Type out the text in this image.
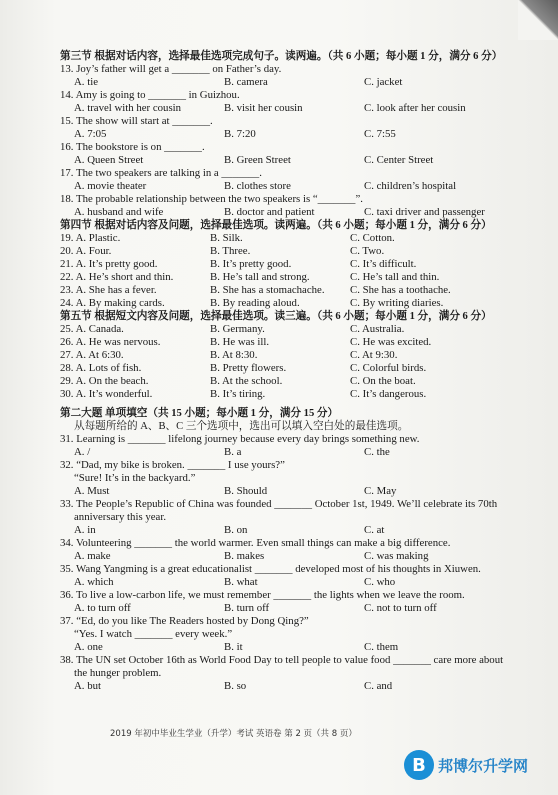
第三节 根据对话内容，选择最佳选项完成句子。读两遍。（共 6 小题；每小题 1 分，满分 6 分）

13. Joy’s father will get a _______ on Father’s day.

A. tie	B. camera	C. jacket

14. Amy is going to _______ in Guizhou.

A. travel with her cousin	B. visit her cousin	C. look after her cousin

15. The show will start at _______.

A. 7:05	B. 7:20	C. 7:55

16. The bookstore is on _______.

A. Queen Street	B. Green Street	C. Center Street

17. The two speakers are talking in a _______.

A. movie theater	B. clothes store	C. children’s hospital

18. The probable relationship between the two speakers is “_______”.

A. husband and wife	B. doctor and patient	C. taxi driver and passenger

第四节 根据对话内容及问题，选择最佳选项。读两遍。（共 6 小题；每小题 1 分，满分 6 分）

19. A. Plastic.	B. Silk.	C. Cotton.
20. A. Four.	B. Three.	C. Two.
21. A. It’s pretty good.	B. It’s pretty good.	C. It’s difficult.
22. A. He’s short and thin.	B. He’s tall and strong.	C. He’s tall and thin.
23. A. She has a fever.	B. She has a stomachache.	C. She has a toothache.
24. A. By making cards.	B. By reading aloud.	C. By writing diaries.

第五节 根据短文内容及问题，选择最佳选项。读三遍。（共 6 小题；每小题 1 分，满分 6 分）

25. A. Canada.	B. Germany.	C. Australia.
26. A. He was nervous.	B. He was ill.	C. He was excited.
27. A. At 6:30.	B. At 8:30.	C. At 9:30.
28. A. Lots of fish.	B. Pretty flowers.	C. Colorful birds.
29. A. On the beach.	B. At the school.	C. On the boat.
30. A. It’s wonderful.	B. It’s tiring.	C. It’s dangerous.

第二大题 单项填空（共 15 小题；每小题 1 分，满分 15 分）

从每题所给的 A、B、C 三个选项中，选出可以填入空白处的最佳选项。

31. Learning is _______ lifelong journey because every day brings something new.

A. /	B. a	C. the

32. “Dad, my bike is broken. _______ I use yours?”

“Sure! It’s in the backyard.”

A. Must	B. Should	C. May

33. The People’s Republic of China was founded _______ October 1st, 1949. We’ll celebrate its 70th anniversary this year.

A. in	B. on	C. at

34. Volunteering _______ the world warmer. Even small things can make a big difference.

A. make	B. makes	C. was making

35. Wang Yangming is a great educationalist _______ developed most of his thoughts in Xiuwen.

A. which	B. what	C. who

36. To live a low-carbon life, we must remember _______ the lights when we leave the room.

A. to turn off	B. turn off	C. not to turn off

37. “Ed, do you like The Readers hosted by Dong Qing?”

“Yes. I watch _______ every week.”

A. one	B. it	C. them

38. The UN set October 16th as World Food Day to tell people to value food _______ care more about the hunger problem.

A. but	B. so	C. and
2019 年初中毕业生学业（升学）考试 英语卷 第 2 页（共 8 页）
B 邦博尔升学网
